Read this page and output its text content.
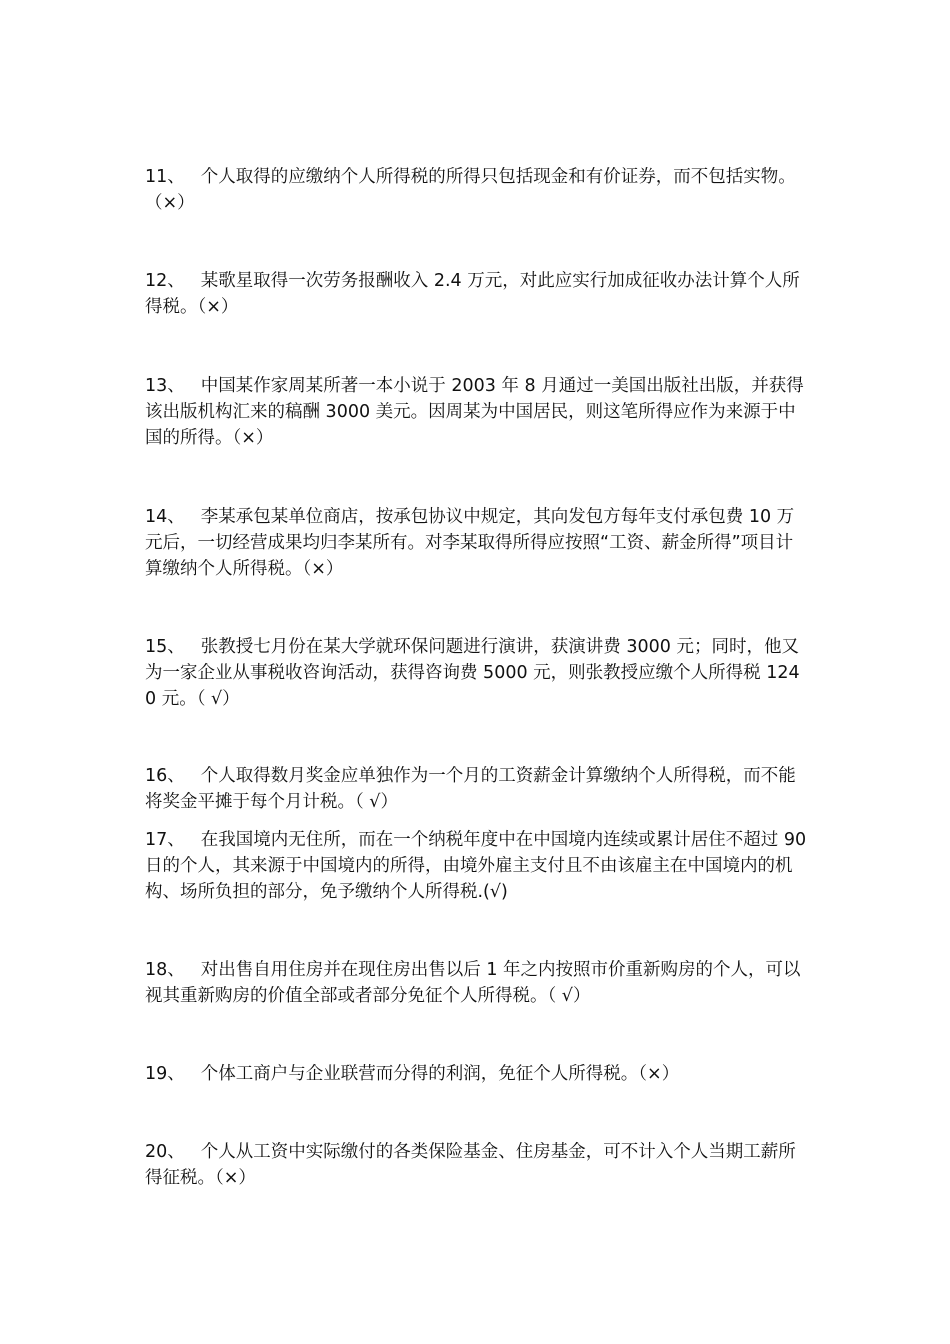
11、 个人取得的应缴纳个人所得税的所得只包括现金和有价证券，而不包括实物。（×）

12、 某歌星取得一次劳务报酬收入 2.4 万元，对此应实行加成征收办法计算个人所得税。（×）

13、 中国某作家周某所著一本小说于 2003 年 8 月通过一美国出版社出版，并获得该出版机构汇来的稿酬 3000 美元。因周某为中国居民，则这笔所得应作为来源于中国的所得。（×）

14、 李某承包某单位商店，按承包协议中规定，其向发包方每年支付承包费 10 万元后，一切经营成果均归李某所有。对李某取得所得应按照“工资、薪金所得”项目计算缴纳个人所得税。（×）

15、 张教授七月份在某大学就环保问题进行演讲，获演讲费 3000 元；同时，他又为一家企业从事税收咨询活动，获得咨询费 5000 元，则张教授应缴个人所得税 1240 元。（ √）

16、 个人取得数月奖金应单独作为一个月的工资薪金计算缴纳个人所得税，而不能将奖金平摊于每个月计税。（ √）

17、 在我国境内无住所，而在一个纳税年度中在中国境内连续或累计居住不超过 90 日的个人，其来源于中国境内的所得，由境外雇主支付且不由该雇主在中国境内的机构、场所负担的部分，免予缴纳个人所得税.(√)

18、 对出售自用住房并在现住房出售以后 1 年之内按照市价重新购房的个人，可以视其重新购房的价值全部或者部分免征个人所得税。（ √）

19、 个体工商户与企业联营而分得的利润，免征个人所得税。（×）

20、 个人从工资中实际缴付的各类保险基金、住房基金，可不计入个人当期工薪所得征税。（×）
